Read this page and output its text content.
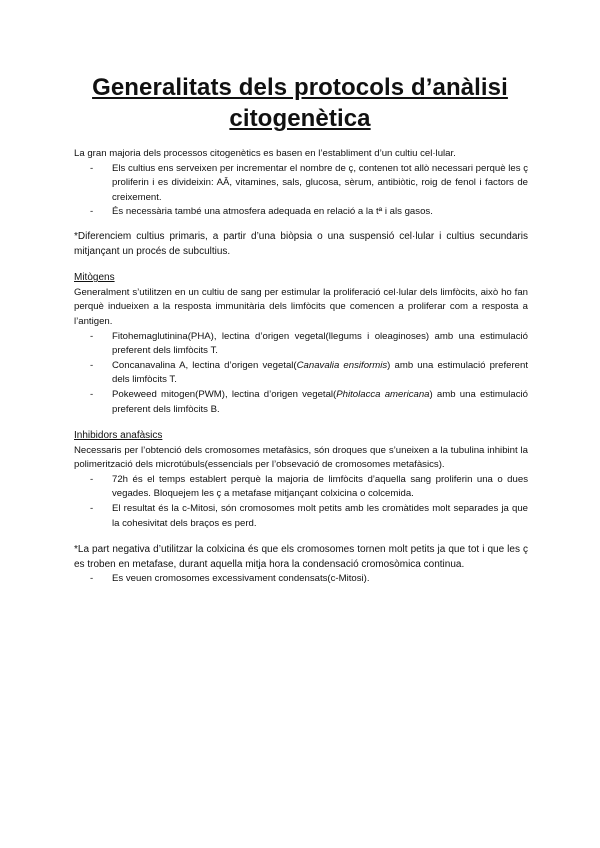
Generalitats dels protocols d’anàlisi citogenètica

La gran majoria dels processos citogenètics es basen en l’establiment d’un cultiu cel·lular.

- Els cultius ens serveixen per incrementar el nombre de ç, contenen tot allò necessari perquè les ç proliferin i es divideixin: AÂ, vitamines, sals, glucosa, sèrum, antibiòtic, roig de fenol i factors de creixement.
- És necessària també una atmosfera adequada en relació a la tª i als gasos.

*Diferenciem cultius primaris, a partir d’una biòpsia o una suspensió cel·lular i cultius secundaris mitjançant un procés de subcultius.

Mitògens

Generalment s’utilitzen en un cultiu de sang per estimular la proliferació cel·lular dels limfòcits, això ho fan perquè indueixen a la resposta immunitària dels limfòcits que comencen a proliferar com a resposta a l’antigen.

- Fitohemaglutinina(PHA), lectina d’origen vegetal(llegums i oleaginoses) amb una estimulació preferent dels limfòcits T.
- Concanavalina A, lectina d’origen vegetal(Canavalia ensiformis) amb una estimulació preferent dels limfòcits T.
- Pokeweed mitogen(PWM), lectina d’origen vegetal(Phitolacca americana) amb una estimulació preferent dels limfòcits B.

Inhibidors anafàsics

Necessaris per l’obtenció dels cromosomes metafàsics, són droques que s’uneixen a la tubulina inhibint la polimerització dels microtúbuls(essencials per l’obsevació de cromosomes metafàsics).

- 72h és el temps establert perquè la majoria de limfòcits d’aquella sang proliferin una o dues vegades. Bloquejem les ç a metafase mitjançant colxicina o colcemida.
- El resultat és la c-Mitosi, són cromosomes molt petits amb les cromàtides molt separades ja que la cohesivitat dels braços es perd.

*La part negativa d’utilitzar la colxicina és que els cromosomes tornen molt petits ja que tot i que les ç es troben en metafase, durant aquella mitja hora la condensació cromosòmica continua.

- Es veuen cromosomes excessivament condensats(c-Mitosi).
